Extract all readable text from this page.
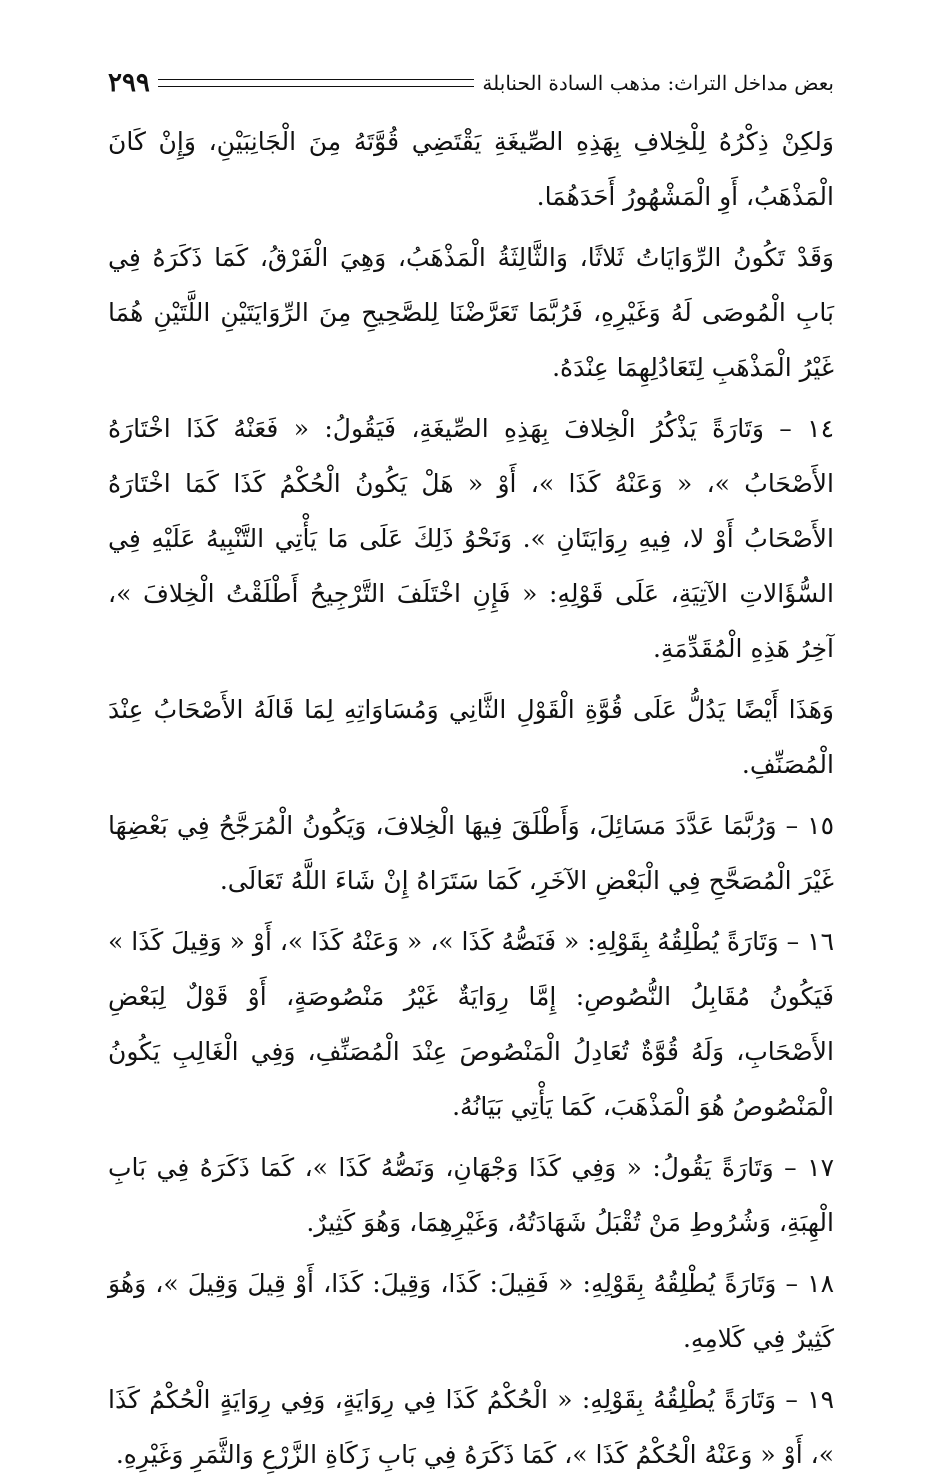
بعض مداخل التراث: مذهب السادة الحنابلة
٢٩٩

وَلكِنْ ذِكْرُهُ لِلْخِلافِ بِهَذِهِ الصِّيغَةِ يَقْتَضِي قُوَّتَهُ مِنَ الْجَانِبَيْنِ، وَإِنْ كَانَ الْمَذْهَبُ، أَوِ الْمَشْهُورُ أَحَدَهُمَا.

وَقَدْ تَكُونُ الرِّوَايَاتُ ثَلاثًا، وَالثَّالِثَةُ الْمَذْهَبُ، وَهِيَ الْفَرْقُ، كَمَا ذَكَرَهُ فِي بَابِ الْمُوصَى لَهُ وَغَيْرِهِ، فَرُبَّمَا تَعَرَّضْنَا لِلصَّحِيحِ مِنَ الرِّوَايَتَيْنِ اللَّتَيْنِ هُمَا غَيْرُ الْمَذْهَبِ لِتَعَادُلِهِمَا عِنْدَهُ.

١٤ – وَتَارَةً يَذْكُرُ الْخِلافَ بِهَذِهِ الصِّيغَةِ، فَيَقُولُ: « فَعَنْهُ كَذَا اخْتَارَهُ الأَصْحَابُ »، « وَعَنْهُ كَذَا »، أَوْ « هَلْ يَكُونُ الْحُكْمُ كَذَا كَمَا اخْتَارَهُ الأَصْحَابُ أَوْ لا، فِيهِ رِوَايَتَانِ ». وَنَحْوُ ذَلِكَ عَلَى مَا يَأْتِي التَّنْبِيهُ عَلَيْهِ فِي السُّؤَالاتِ الآتِيَةِ، عَلَى قَوْلِهِ: « فَإِنِ اخْتَلَفَ التَّرْجِيحُ أَطْلَقْتُ الْخِلافَ »، آخِرُ هَذِهِ الْمُقَدِّمَةِ.

وَهَذَا أَيْضًا يَدُلُّ عَلَى قُوَّةِ الْقَوْلِ الثَّانِي وَمُسَاوَاتِهِ لِمَا قَالَهُ الأَصْحَابُ عِنْدَ الْمُصَنِّفِ.

١٥ – وَرُبَّمَا عَدَّدَ مَسَائِلَ، وَأَطْلَقَ فِيهَا الْخِلافَ، وَيَكُونُ الْمُرَجَّحُ فِي بَعْضِهَا غَيْرَ الْمُصَحَّحِ فِي الْبَعْضِ الآخَرِ، كَمَا سَتَرَاهُ إِنْ شَاءَ اللَّهُ تَعَالَى.

١٦ – وَتَارَةً يُطْلِقُهُ بِقَوْلِهِ: « فَنَصُّهُ كَذَا »، « وَعَنْهُ كَذَا »، أَوْ « وَقِيلَ كَذَا » فَيَكُونُ مُقَابِلُ النُّصُوصِ: إِمَّا رِوَايَةٌ غَيْرُ مَنْصُوصَةٍ، أَوْ قَوْلٌ لِبَعْضِ الأَصْحَابِ، وَلَهُ قُوَّةٌ تُعَادِلُ الْمَنْصُوصَ عِنْدَ الْمُصَنِّفِ، وَفِي الْغَالِبِ يَكُونُ الْمَنْصُوصُ هُوَ الْمَذْهَبَ، كَمَا يَأْتِي بَيَانُهُ.

١٧ – وَتَارَةً يَقُولُ: « وَفِي كَذَا وَجْهَانِ، وَنَصُّهُ كَذَا »، كَمَا ذَكَرَهُ فِي بَابِ الْهِبَةِ، وَشُرُوطِ مَنْ تُقْبَلُ شَهَادَتُهُ، وَغَيْرِهِمَا، وَهُوَ كَثِيرٌ.

١٨ – وَتَارَةً يُطْلِقُهُ بِقَوْلِهِ: « فَقِيلَ: كَذَا، وَقِيلَ: كَذَا، أَوْ قِيلَ وَقِيلَ »، وَهُوَ كَثِيرٌ فِي كَلامِهِ.

١٩ – وَتَارَةً يُطْلِقُهُ بِقَوْلِهِ: « الْحُكْمُ كَذَا فِي رِوَايَةٍ، وَفِي رِوَايَةٍ الْحُكْمُ كَذَا »، أَوْ « وَعَنْهُ الْحُكْمُ كَذَا »، كَمَا ذَكَرَهُ فِي بَابِ زَكَاةِ الزَّرْعِ وَالثَّمَرِ وَغَيْرِهِ.
